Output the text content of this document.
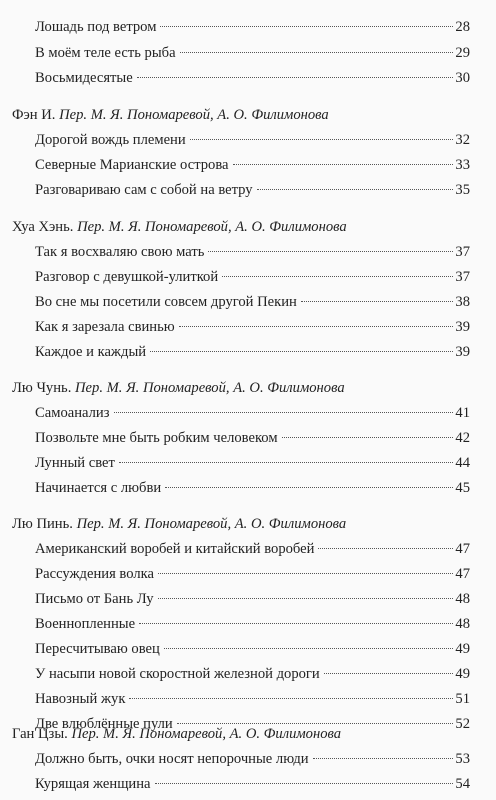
Лошадь под ветром	28
В моём теле есть рыба	29
Восьмидесятые	30
Фэн И. Пер. М. Я. Пономаревой, А. О. Филимонова
Дорогой вождь племени	32
Северные Марианские острова	33
Разговариваю сам с собой на ветру	35
Хуа Хэнь. Пер. М. Я. Пономаревой, А. О. Филимонова
Так я восхваляю свою мать	37
Разговор с девушкой-улиткой	37
Во сне мы посетили совсем другой Пекин	38
Как я зарезала свинью	39
Каждое и каждый	39
Лю Чунь. Пер. М. Я. Пономаревой, А. О. Филимонова
Самоанализ	41
Позвольте мне быть робким человеком	42
Лунный свет	44
Начинается с любви	45
Лю Пинь. Пер. М. Я. Пономаревой, А. О. Филимонова
Американский воробей и китайский воробей	47
Рассуждения волка	47
Письмо от Бань Лу	48
Военнопленные	48
Пересчитываю овец	49
У насыпи новой скоростной железной дороги	49
Навозный жук	51
Две влюблённые пули	52
Ган Цзы. Пер. М. Я. Пономаревой, А. О. Филимонова
Должно быть, очки носят непорочные люди	53
Курящая женщина	54
